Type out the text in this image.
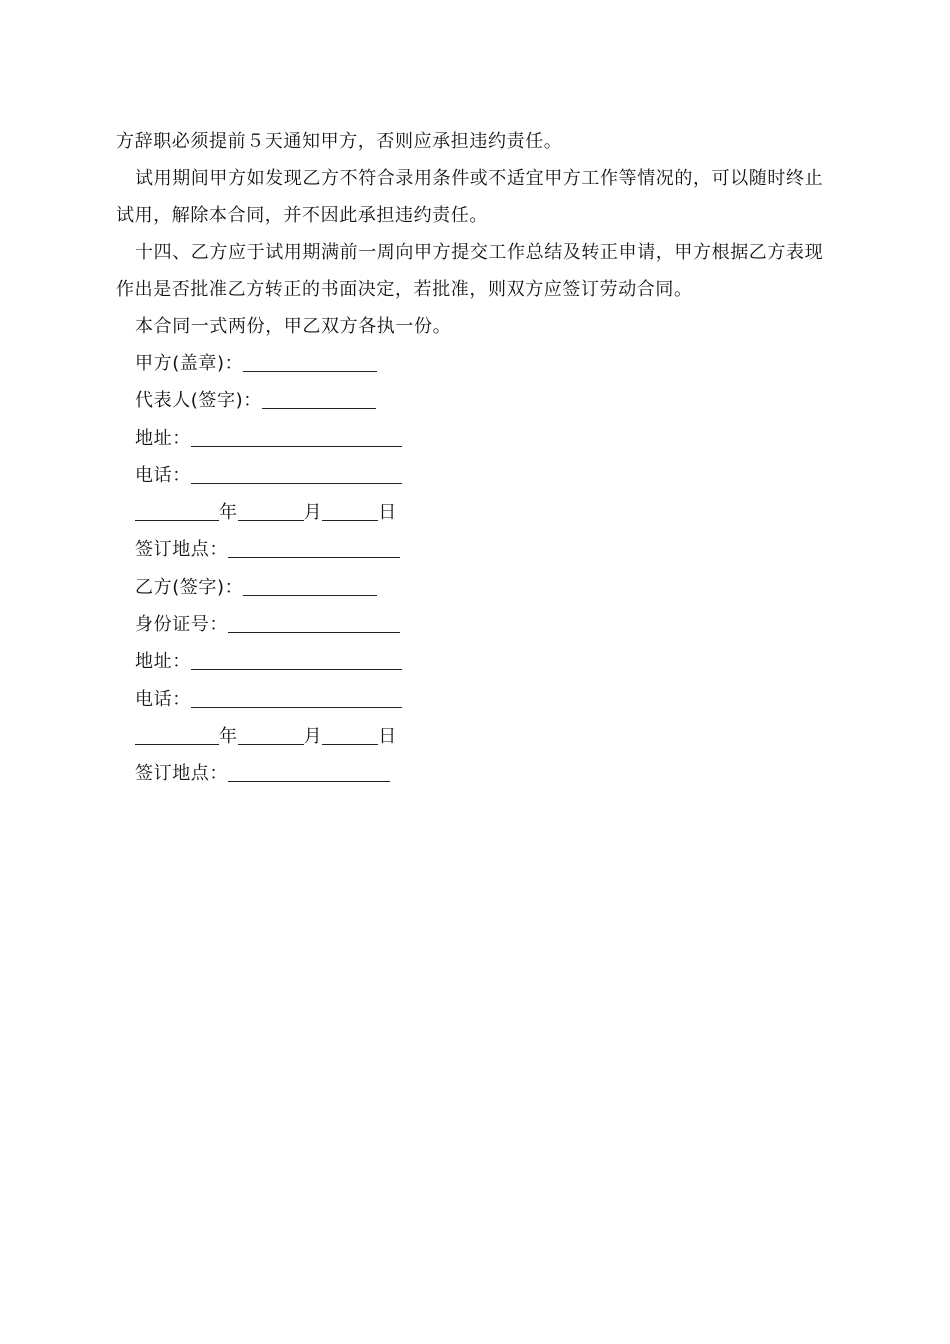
方辞职必须提前５天通知甲方，否则应承担违约责任。

试用期间甲方如发现乙方不符合录用条件或不适宜甲方工作等情况的，可以随时终止试用，解除本合同，并不因此承担违约责任。

十四、乙方应于试用期满前一周向甲方提交工作总结及转正申请，甲方根据乙方表现作出是否批准乙方转正的书面决定，若批准，则双方应签订劳动合同。

本合同一式两份，甲乙双方各执一份。

甲方(盖章)：
代表人(签字)：
地址：
电话：
年	月	日
签订地点：
乙方(签字)：
身份证号：
地址：
电话：
年	月	日
签订地点：
